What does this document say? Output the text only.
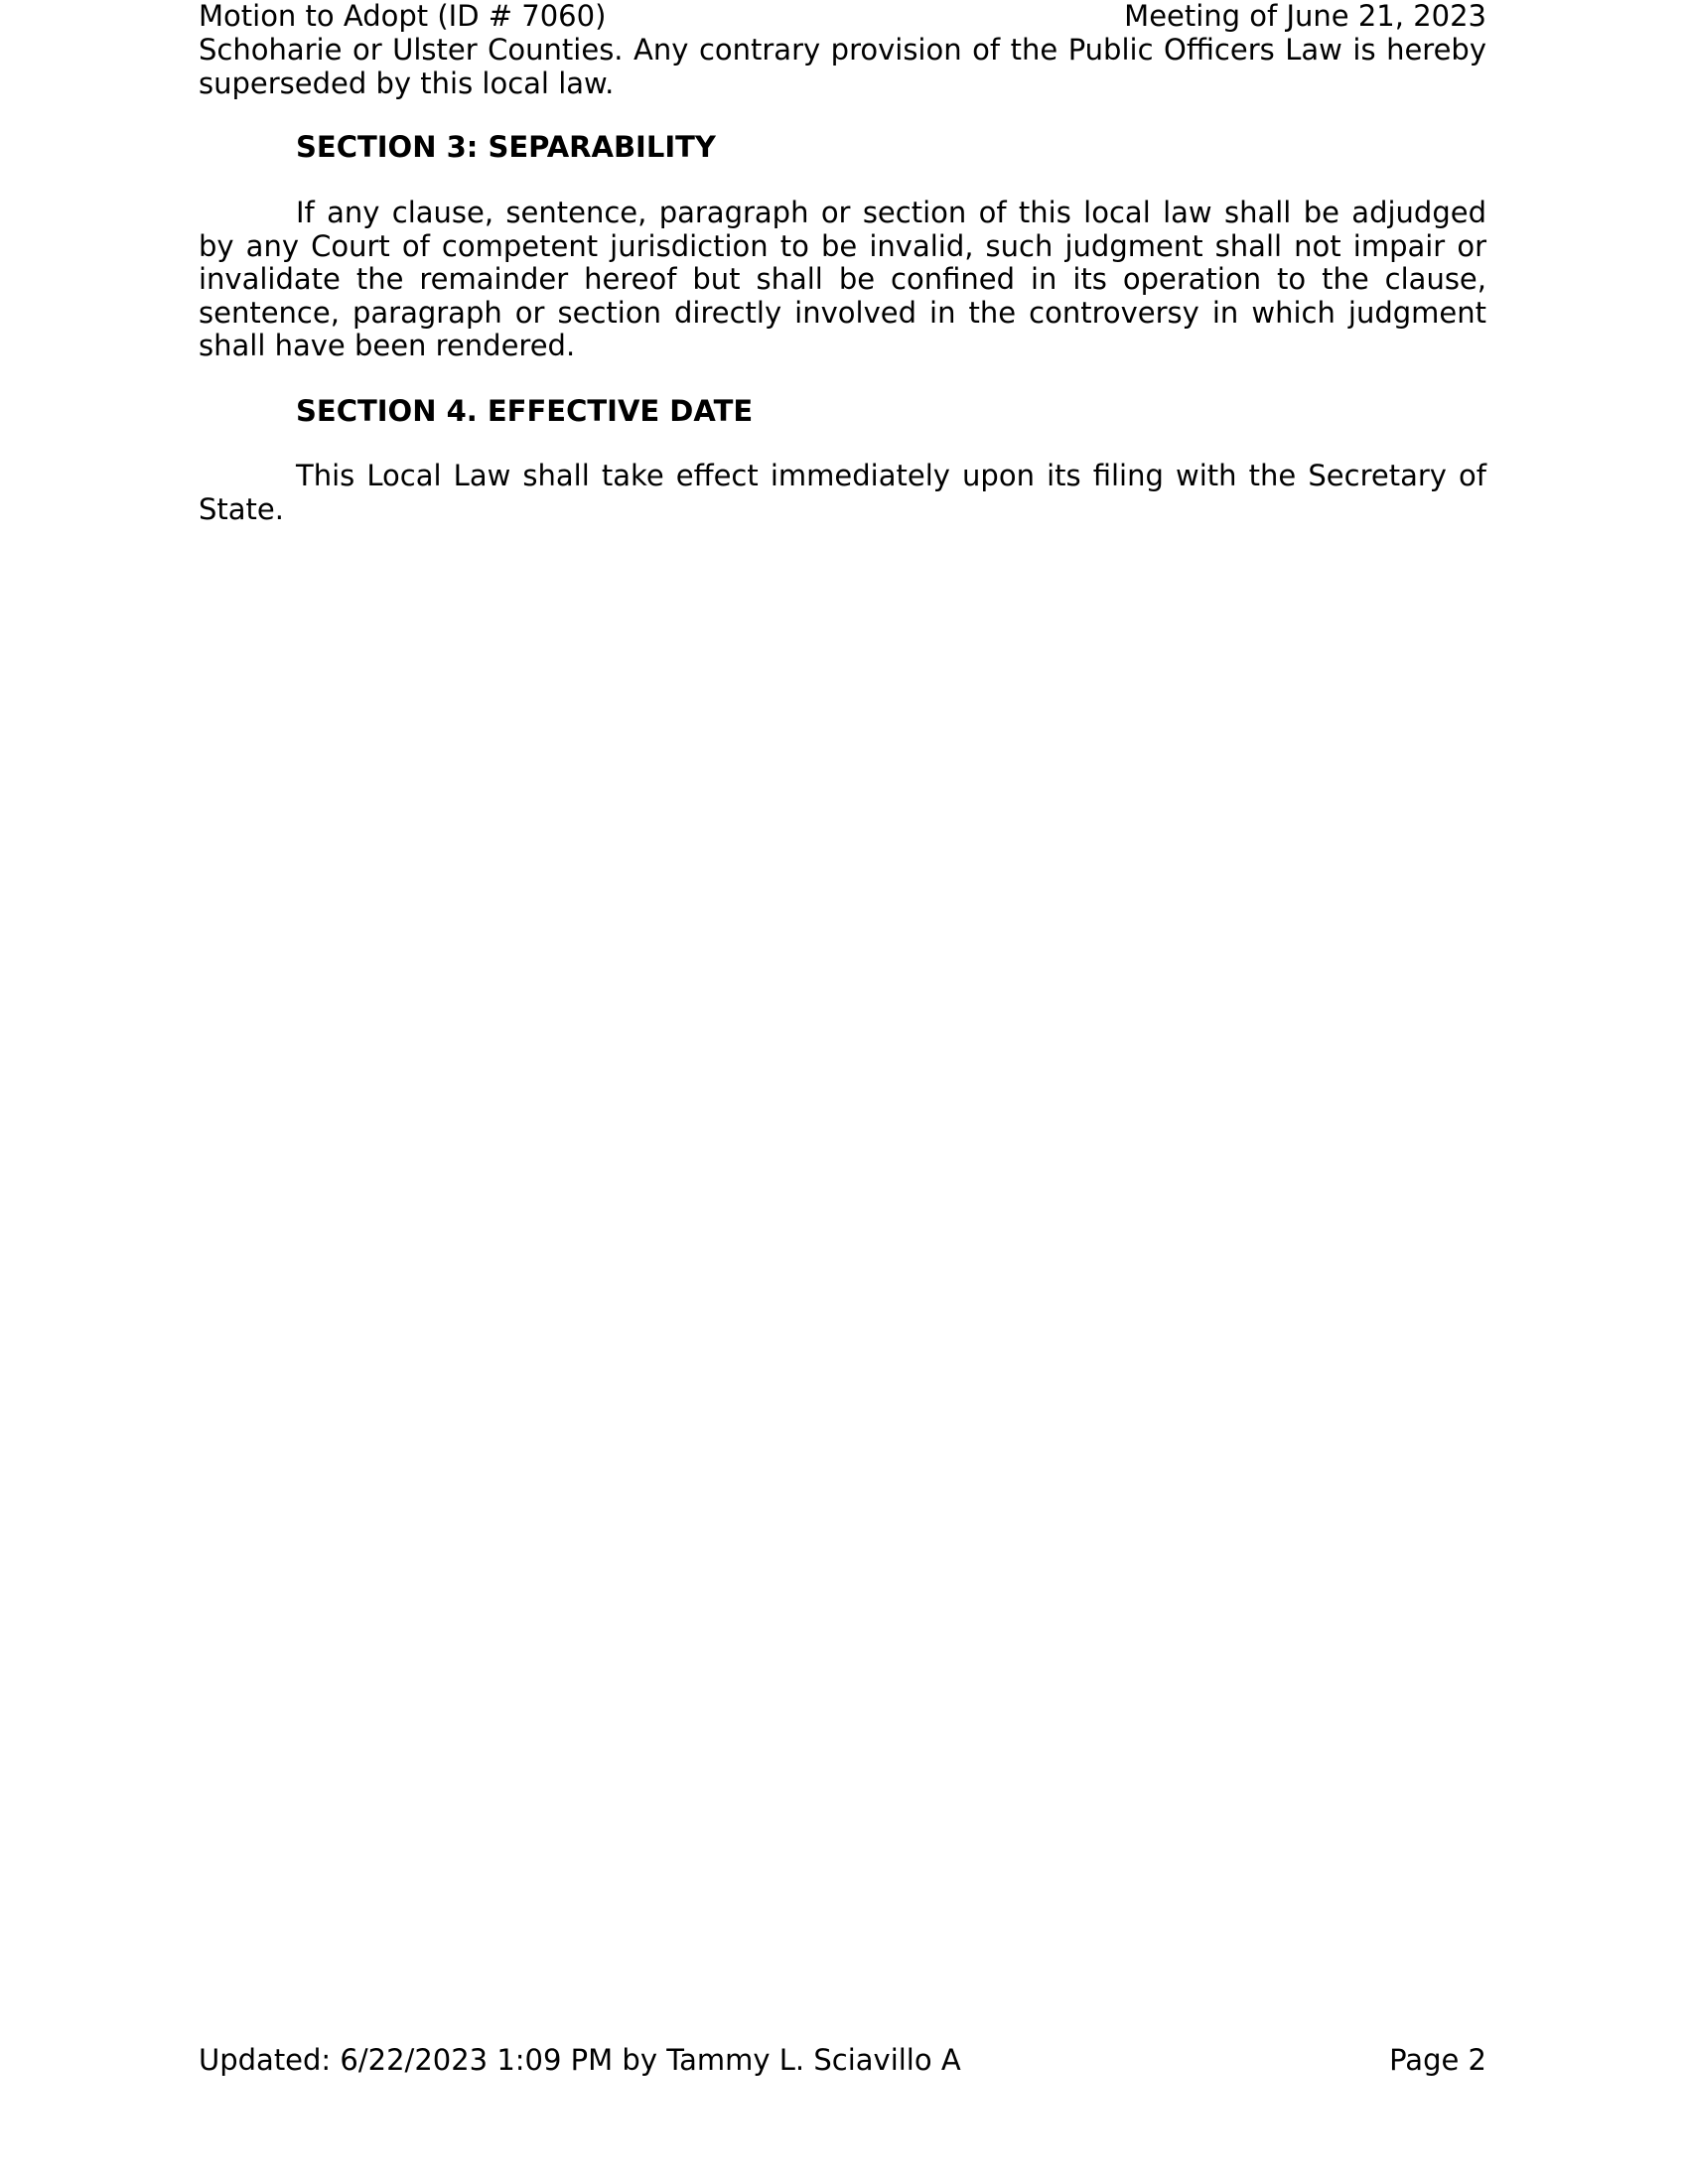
Motion to Adopt (ID # 7060)	Meeting of June 21, 2023

Schoharie or Ulster Counties. Any contrary provision of the Public Officers Law is hereby superseded by this local law.

SECTION 3: SEPARABILITY

If any clause, sentence, paragraph or section of this local law shall be adjudged by any Court of competent jurisdiction to be invalid, such judgment shall not impair or invalidate the remainder hereof but shall be confined in its operation to the clause, sentence, paragraph or section directly involved in the controversy in which judgment shall have been rendered.

SECTION 4. EFFECTIVE DATE

This Local Law shall take effect immediately upon its filing with the Secretary of State.

Updated: 6/22/2023 1:09 PM by Tammy L. Sciavillo A	Page 2
